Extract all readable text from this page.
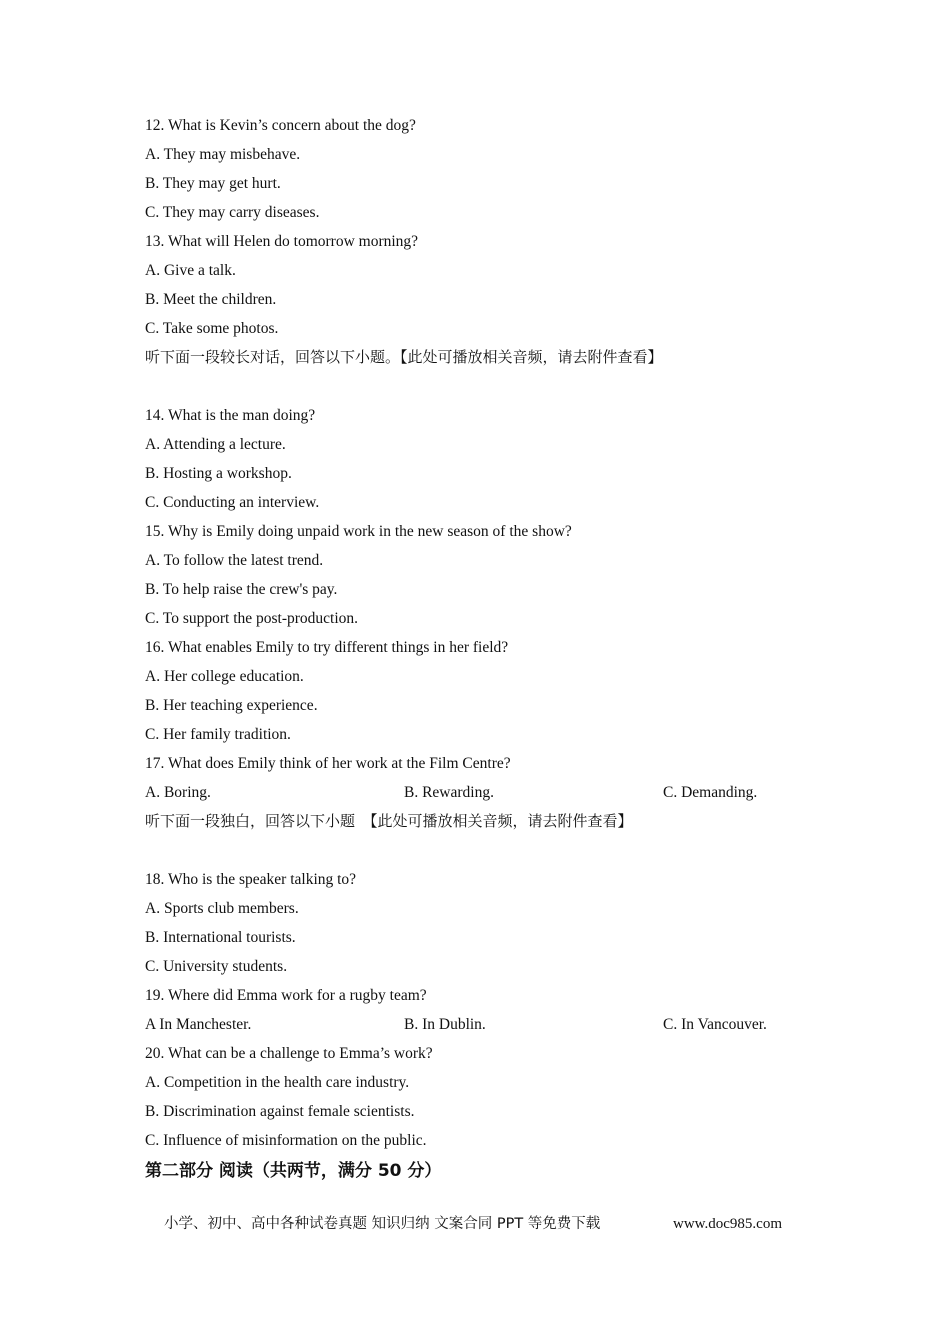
12. What is Kevin’s concern about the dog?
A. They may misbehave.
B. They may get hurt.
C. They may carry diseases.
13. What will Helen do tomorrow morning?
A. Give a talk.
B. Meet the children.
C. Take some photos.
听下面一段较长对话，回答以下小题。【此处可播放相关音频，请去附件查看】
14. What is the man doing?
A. Attending a lecture.
B. Hosting a workshop.
C. Conducting an interview.
15. Why is Emily doing unpaid work in the new season of the show?
A. To follow the latest trend.
B. To help raise the crew's pay.
C. To support the post-production.
16. What enables Emily to try different things in her field?
A. Her college education.
B. Her teaching experience.
C. Her family tradition.
17. What does Emily think of her work at the Film Centre?
A. Boring.	B. Rewarding.	C. Demanding.
听下面一段独白，回答以下小题　【此处可播放相关音频，请去附件查看】
18. Who is the speaker talking to?
A. Sports club members.
B. International tourists.
C. University students.
19. Where did Emma work for a rugby team?
A In Manchester.	B. In Dublin.	C. In Vancouver.
20. What can be a challenge to Emma’s work?
A. Competition in the health care industry.
B. Discrimination against female scientists.
C. Influence of misinformation on the public.
第二部分 阅读（共两节，满分 50 分）
小学、初中、高中各种试卷真题 知识归纳 文案合同 PPT 等免费下载	www.doc985.com
